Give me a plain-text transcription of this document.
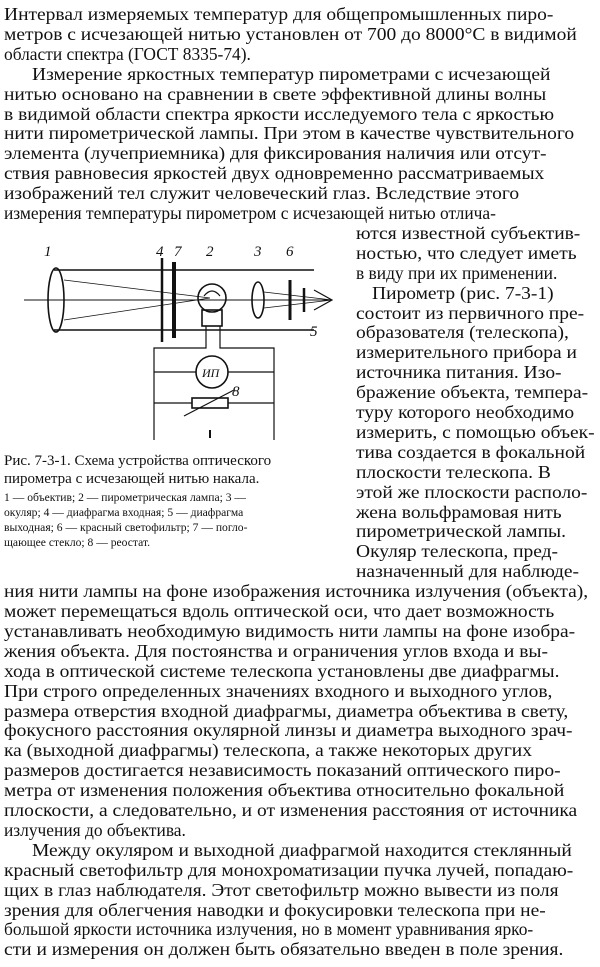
Интервал измеряемых температур для общепромышленных пиро-
метров с исчезающей нитью установлен от 700 до 8000°С в видимой
области спектра (ГОСТ 8335-74).
Измерение яркостных температур пирометрами с исчезающей
нитью основано на сравнении в свете эффективной длины волны
в видимой области спектра яркости исследуемого тела с яркостью
нити пирометрической лампы. При этом в качестве чувствительного
элемента (лучеприемника) для фиксирования наличия или отсут-
ствия равновесия яркостей двух одновременно рассматриваемых
изображений тел служит человеческий глаз. Вследствие этого
измерения температуры пирометром с исчезающей нитью отличa-
ются известной субъектив-
ностью, что следует иметь
в виду при их применении.
Пирометр (рис. 7-3-1)
состоит из первичного пре-
образователя (телескопа),
измерительного прибора и
источника питания. Изо-
бражение объекта, темпера-
туру которого необходимо
измерить, с помощью объек-
тива создается в фокальной
плоскости телескопа. В
этой же плоскости располо-
жена вольфрамовая нить
пирометрической лампы.
Окуляр телескопа, пред-
назначенный для наблюде-
ния нити лампы на фоне изображения источника излучения (объекта),
может перемещаться вдоль оптической оси, что дает возможность
устанавливать необходимую видимость нити лампы на фоне изобра-
жения объекта. Для постоянства и ограничения углов входа и вы-
хода в оптической системе телескопа установлены две диафрагмы.
При строго определенных значениях входного и выходного углов,
размера отверстия входной диафрагмы, диаметра объектива в свету,
фокусного расстояния окулярной линзы и диаметра выходного зрач-
ка (выходной диафрагмы) телескопа, а также некоторых других
размеров достигается независимость показаний оптического пиро-
метра от изменения положения объектива относительно фокальной
плоскости, а следовательно, и от изменения расстояния от источника
излучения до объектива.
Между окуляром и выходной диафрагмой находится стеклянный
красный светофильтр для монохроматизации пучка лучей, попадаю-
щих в глаз наблюдателя. Этот светофильтр можно вывести из поля
зрения для облегчения наводки и фокусировки телескопа при не-
большой яркости источника излучения, но в момент уравнивания ярко-
сти и измерения он должен быть обязательно введен в поле зрения.
1	4 7 2	3 6
5
8
ИП
Рис. 7-3-1. Схема устройства оптического
пирометра с исчезающей нитью накала.
1 — объектив; 2 — пирометрическая лампа; 3 —
окуляр; 4 — диафрагма входная; 5 — диафрагма
выходная; 6 — красный светофильтр; 7 — погло-
щающее стекло; 8 — реостат.
